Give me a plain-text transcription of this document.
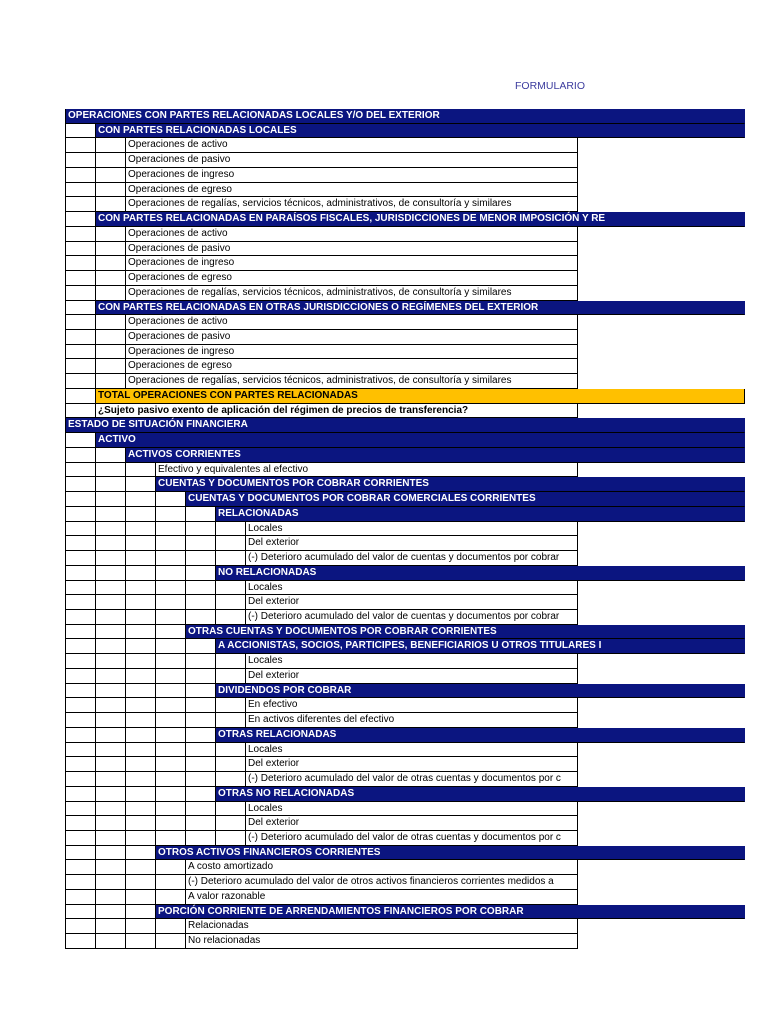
FORMULARIO
OPERACIONES CON PARTES RELACIONADAS LOCALES Y/O DEL EXTERIOR
CON PARTES RELACIONADAS LOCALES
Operaciones de activo
Operaciones de pasivo
Operaciones de ingreso
Operaciones de egreso
Operaciones de regalías, servicios técnicos, administrativos, de consultoría y similares
CON PARTES RELACIONADAS EN PARAÍSOS FISCALES, JURISDICCIONES DE MENOR IMPOSICIÓN Y RE
Operaciones de activo
Operaciones de pasivo
Operaciones de ingreso
Operaciones de egreso
Operaciones de regalías, servicios técnicos, administrativos, de consultoría y similares
CON PARTES RELACIONADAS EN OTRAS JURISDICCIONES O REGÍMENES DEL EXTERIOR
Operaciones de activo
Operaciones de pasivo
Operaciones de ingreso
Operaciones de egreso
Operaciones de regalías, servicios técnicos, administrativos, de consultoría y similares
TOTAL OPERACIONES CON PARTES RELACIONADAS
¿Sujeto pasivo exento de aplicación del régimen de precios de transferencia?
ESTADO DE SITUACIÓN FINANCIERA
ACTIVO
ACTIVOS CORRIENTES
Efectivo y equivalentes al efectivo
CUENTAS Y DOCUMENTOS POR COBRAR CORRIENTES
CUENTAS Y DOCUMENTOS POR COBRAR COMERCIALES CORRIENTES
RELACIONADAS
Locales
Del exterior
(-) Deterioro acumulado del valor de cuentas y documentos por cobrar
NO RELACIONADAS
Locales
Del exterior
(-) Deterioro acumulado del valor de cuentas y documentos por cobrar
OTRAS CUENTAS Y DOCUMENTOS POR COBRAR CORRIENTES
A ACCIONISTAS, SOCIOS, PARTICIPES, BENEFICIARIOS U OTROS TITULARES I
Locales
Del exterior
DIVIDENDOS POR COBRAR
En efectivo
En activos diferentes del efectivo
OTRAS RELACIONADAS
Locales
Del exterior
(-) Deterioro acumulado del valor de otras cuentas y documentos por c
OTRAS NO RELACIONADAS
Locales
Del exterior
(-) Deterioro acumulado del valor de otras cuentas y documentos por c
OTROS ACTIVOS FINANCIEROS CORRIENTES
A costo amortizado
(-) Deterioro acumulado del valor de otros activos financieros corrientes medidos a
A valor razonable
PORCIÓN CORRIENTE DE ARRENDAMIENTOS FINANCIEROS POR COBRAR
Relacionadas
No relacionadas
